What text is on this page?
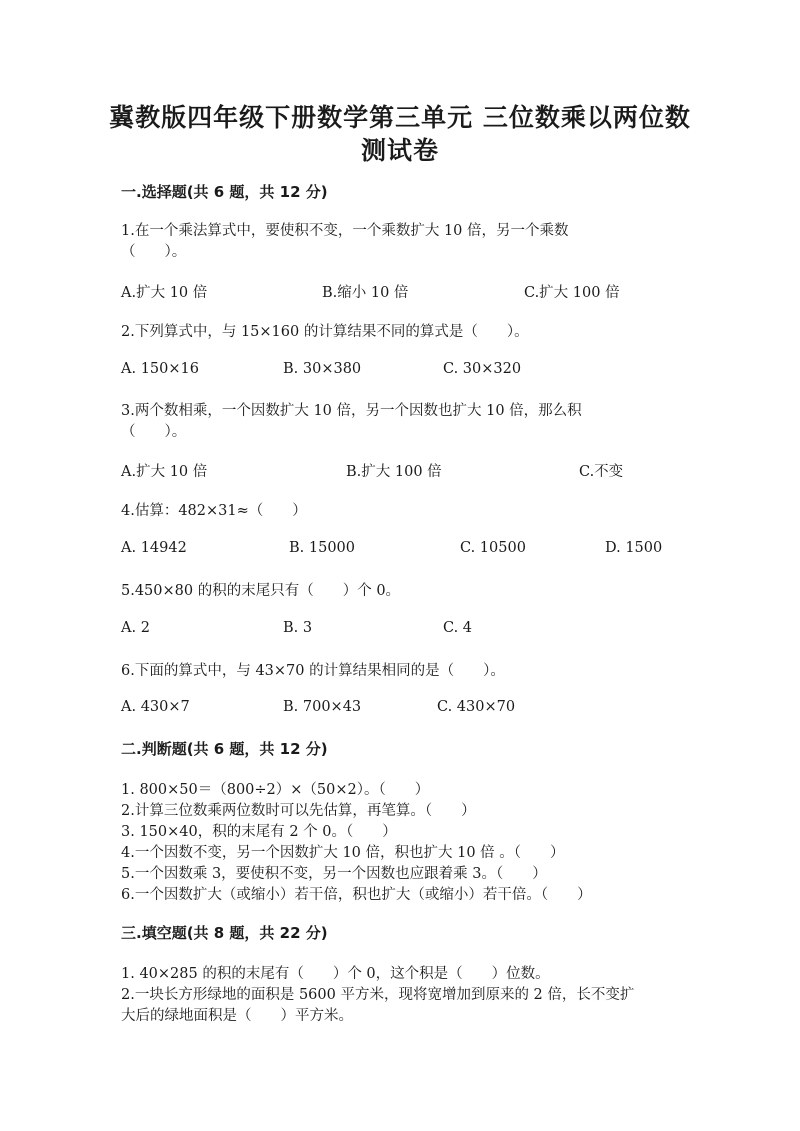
冀教版四年级下册数学第三单元 三位数乘以两位数
测试卷
一.选择题(共 6 题，共 12 分)
1.在一个乘法算式中，要使积不变，一个乘数扩大 10 倍，另一个乘数
（　　）。
A.扩大 10 倍	B.缩小 10 倍	C.扩大 100 倍
2.下列算式中，与 15×160 的计算结果不同的算式是（　　）。
A. 150×16	B. 30×380	C. 30×320
3.两个数相乘，一个因数扩大 10 倍，另一个因数也扩大 10 倍，那么积
（　　）。
A.扩大 10 倍	B.扩大 100 倍	C.不变
4.估算：482×31≈（　　）
A. 14942	B. 15000	C. 10500	D. 1500
5.450×80 的积的末尾只有（　　）个 0。
A. 2	B. 3	C. 4
6.下面的算式中，与 43×70 的计算结果相同的是（　　）。
A. 430×7	B. 700×43	C. 430×70
二.判断题(共 6 题，共 12 分)
1. 800×50＝（800÷2）×（50×2）。（　　）
2.计算三位数乘两位数时可以先估算，再笔算。（　　）
3. 150×40，积的末尾有 2 个 0。（　　）
4.一个因数不变，另一个因数扩大 10 倍，积也扩大 10 倍 。（　　）
5.一个因数乘 3，要使积不变，另一个因数也应跟着乘 3。（　　）
6.一个因数扩大（或缩小）若干倍，积也扩大（或缩小）若干倍。（　　）
三.填空题(共 8 题，共 22 分)
1. 40×285 的积的末尾有（　　）个 0，这个积是（　　）位数。
2.一块长方形绿地的面积是 5600 平方米，现将宽增加到原来的 2 倍，长不变扩
大后的绿地面积是（　　）平方米。
